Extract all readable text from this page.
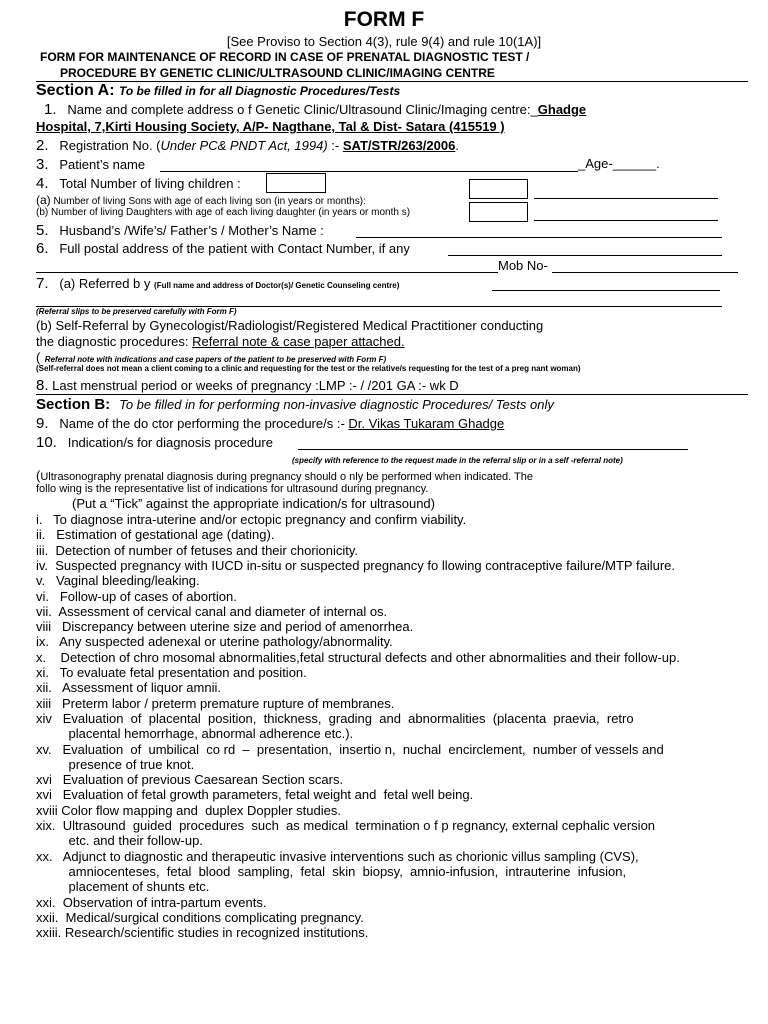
FORM F
[See Proviso to Section 4(3), rule 9(4) and rule 10(1A)]
FORM FOR MAINTENANCE OF RECORD IN CASE OF PRENATAL DIAGNOSTIC TEST /
PROCEDURE BY GENETIC CLINIC/ULTRASOUND CLINIC/IMAGING CENTRE
Section A: To be filled in for all Diagnostic Procedures/Tests
1. Name and complete address o f Genetic Clinic/Ultrasound Clinic/Imaging centre:_Ghadge
Hospital, 7,Kirti Housing Society, A/P- Nagthane, Tal & Dist- Satara (415519 )
2. Registration No. (Under PC& PNDT Act, 1994) :- SAT/STR/263/2006.
3. Patient’s name	_Age-______.
4. Total Number of living children :
(a) Number of living Sons with age of each living son (in years or months):
(b) Number of living Daughters with age of each living daughter (in years or month s)
5. Husband’s /Wife’s/ Father’s / Mother’s Name :
6. Full postal address of the patient with Contact Number, if any
Mob No-
7. (a) Referred b y (Full name and address of Doctor(s)/ Genetic Counseling centre)
(Referral slips to be preserved carefully with Form F)
(b) Self-Referral by Gynecologist/Radiologist/Registered Medical Practitioner conducting
the diagnostic procedures: Referral note & case paper attached.
( Referral note with indications and case papers of the patient to be preserved with Form F)
(Self-referral does not mean a client coming to a clinic and requesting for the test or the relative/s requesting for the test of a preg nant woman)
8. Last menstrual period or weeks of pregnancy :LMP :- / /201 GA :- wk D
Section B: To be filled in for performing non-invasive diagnostic Procedures/ Tests only
9. Name of the do ctor performing the procedure/s :- Dr. Vikas Tukaram Ghadge
10. Indication/s for diagnosis procedure
(specify with reference to the request made in the referral slip or in a self -referral note)
(Ultrasonography prenatal diagnosis during pregnancy should o nly be performed when indicated. The
follo wing is the representative list of indications for ultrasound during pregnancy.
(Put a “Tick” against the appropriate indication/s for ultrasound)
i.   To diagnose intra-uterine and/or ectopic pregnancy and confirm viability.
ii.   Estimation of gestational age (dating).
iii.  Detection of number of fetuses and their chorionicity.
iv.  Suspected pregnancy with IUCD in-situ or suspected pregnancy fo llowing contraceptive failure/MTP failure.
v.   Vaginal bleeding/leaking.
vi.   Follow-up of cases of abortion.
vii.  Assessment of cervical canal and diameter of internal os.
viii   Discrepancy between uterine size and period of amenorrhea.
ix.   Any suspected adenexal or uterine pathology/abnormality.
x.    Detection of chro mosomal abnormalities,fetal structural defects and other abnormalities and their follow-up.
xi.   To evaluate fetal presentation and position.
xii.   Assessment of liquor amnii.
xiii   Preterm labor / preterm premature rupture of membranes.
xiv   Evaluation  of  placental  position,  thickness,  grading  and  abnormalities  (placenta  praevia,  retro
placental hemorrhage, abnormal adherence etc.).
xv.   Evaluation  of  umbilical  co rd  –  presentation,  insertio n,  nuchal  encirclement,  number of vessels and
presence of true knot.
xvi   Evaluation of previous Caesarean Section scars.
xvi   Evaluation of fetal growth parameters, fetal weight and  fetal well being.
xviii Color flow mapping and  duplex Doppler studies.
xix.  Ultrasound  guided  procedures  such  as medical  termination o f p regnancy, external cephalic version
etc. and their follow-up.
xx.   Adjunct to diagnostic and therapeutic invasive interventions such as chorionic villus sampling (CVS),
amniocenteses,  fetal  blood  sampling,  fetal  skin  biopsy,  amnio-infusion,  intrauterine  infusion,
placement of shunts etc.
xxi.  Observation of intra-partum events.
xxii.  Medical/surgical conditions complicating pregnancy.
xxiii. Research/scientific studies in recognized institutions.
